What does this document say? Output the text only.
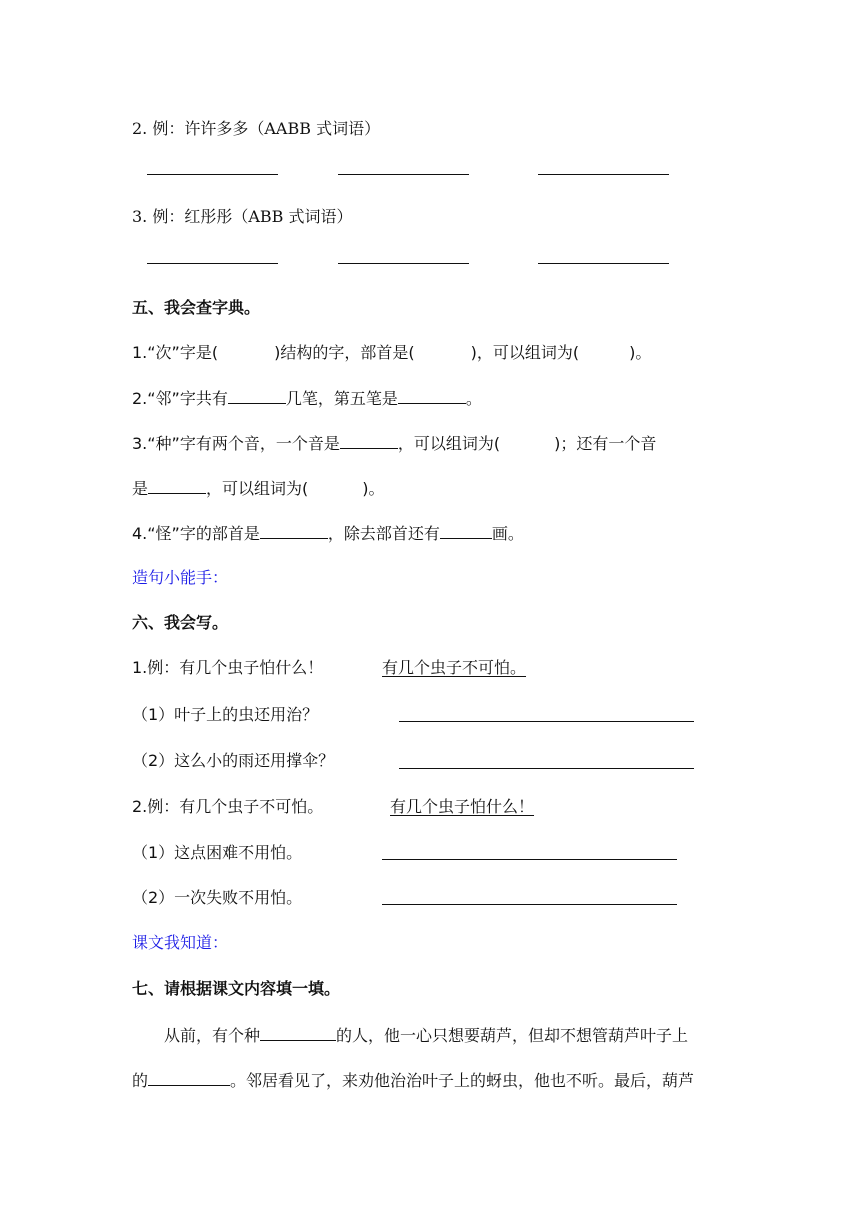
2. 例：许许多多（AABB 式词语）
3. 例：红彤彤（ABB 式词语）
五、我会查字典。
1.“次”字是(	)结构的字，部首是(	)，可以组词为(	)。
2.“邻”字共有	几笔，第五笔是	。
3.“种”字有两个音，一个音是	，可以组词为(	)；还有一个音
是	，可以组词为(	)。
4.“怪”字的部首是	，除去部首还有	画。
造句小能手：
六、我会写。
1.例：有几个虫子怕什么！	有几个虫子不可怕。
（1）叶子上的虫还用治？
（2）这么小的雨还用撑伞？
2.例：有几个虫子不可怕。	有几个虫子怕什么！
（1）这点困难不用怕。
（2）一次失败不用怕。
课文我知道：
七、请根据课文内容填一填。
从前，有个种	的人，他一心只想要葫芦，但却不想管葫芦叶子上
的	。邻居看见了，来劝他治治叶子上的蚜虫，他也不听。最后，葫芦
